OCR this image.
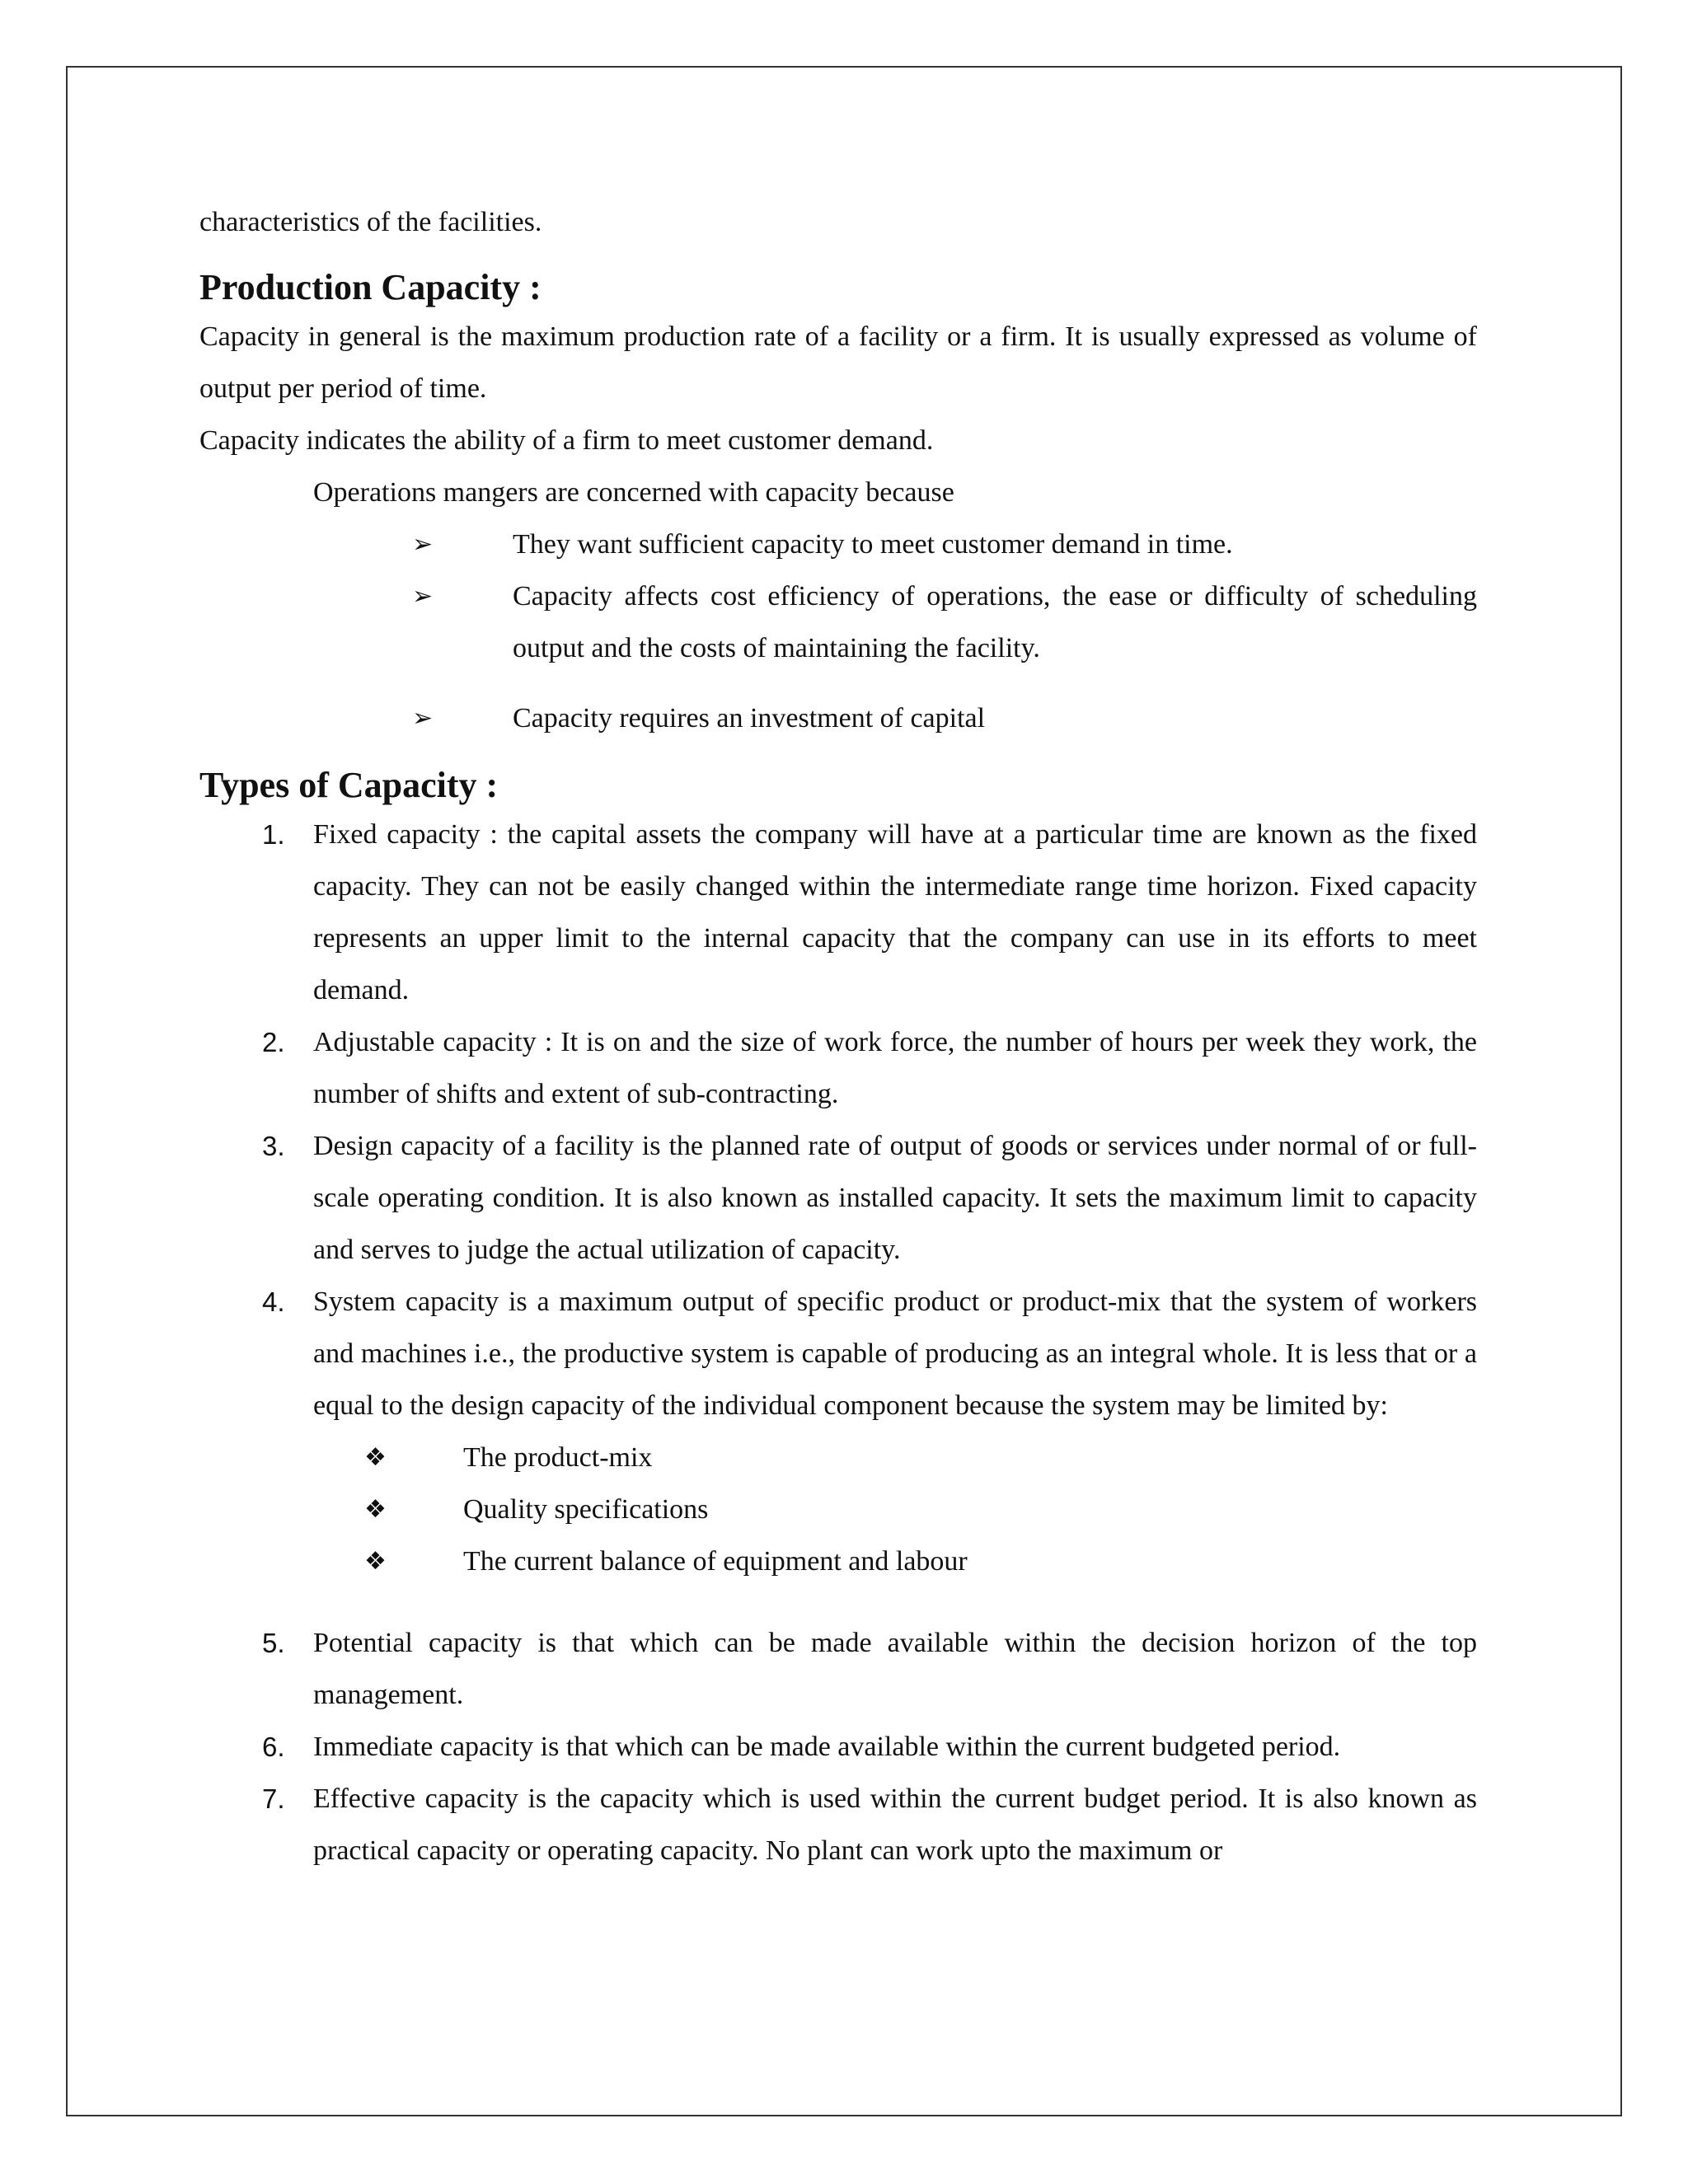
characteristics of the facilities.

Production Capacity :

Capacity in general is the maximum production rate of a facility or a firm. It is usually expressed as volume of output per period of time.

Capacity indicates the ability of a firm to meet customer demand.

Operations mangers are concerned with capacity because

➢	They want sufficient capacity to meet customer demand in time.
➢	Capacity affects cost efficiency of operations, the ease or difficulty of scheduling output and the costs of maintaining the facility.
➢	Capacity requires an investment of capital
Types of Capacity :
1. Fixed capacity : the capital assets the company will have at a particular time are known as the fixed capacity. They can not be easily changed within the intermediate range time horizon. Fixed capacity represents an upper limit to the internal capacity that the company can use in its efforts to meet demand.
2. Adjustable capacity : It is on and the size of work force, the number of hours per week they work, the number of shifts and extent of sub-contracting.
3. Design capacity of a facility is the planned rate of output of goods or services under normal of or full-scale operating condition. It is also known as installed capacity. It sets the maximum limit to capacity and serves to judge the actual utilization of capacity.
4. System capacity is a maximum output of specific product or product-mix that the system of workers and machines i.e., the productive system is capable of producing as an integral whole. It is less that or a equal to the design capacity of the individual component because the system may be limited by:
❖	The product-mix
❖	Quality specifications
❖	The current balance of equipment and labour
5. Potential capacity is that which can be made available within the decision horizon of the top management.
6. Immediate capacity is that which can be made available within the current budgeted period.
7. Effective capacity is the capacity which is used within the current budget period. It is also known as practical capacity or operating capacity. No plant can work upto the maximum or
